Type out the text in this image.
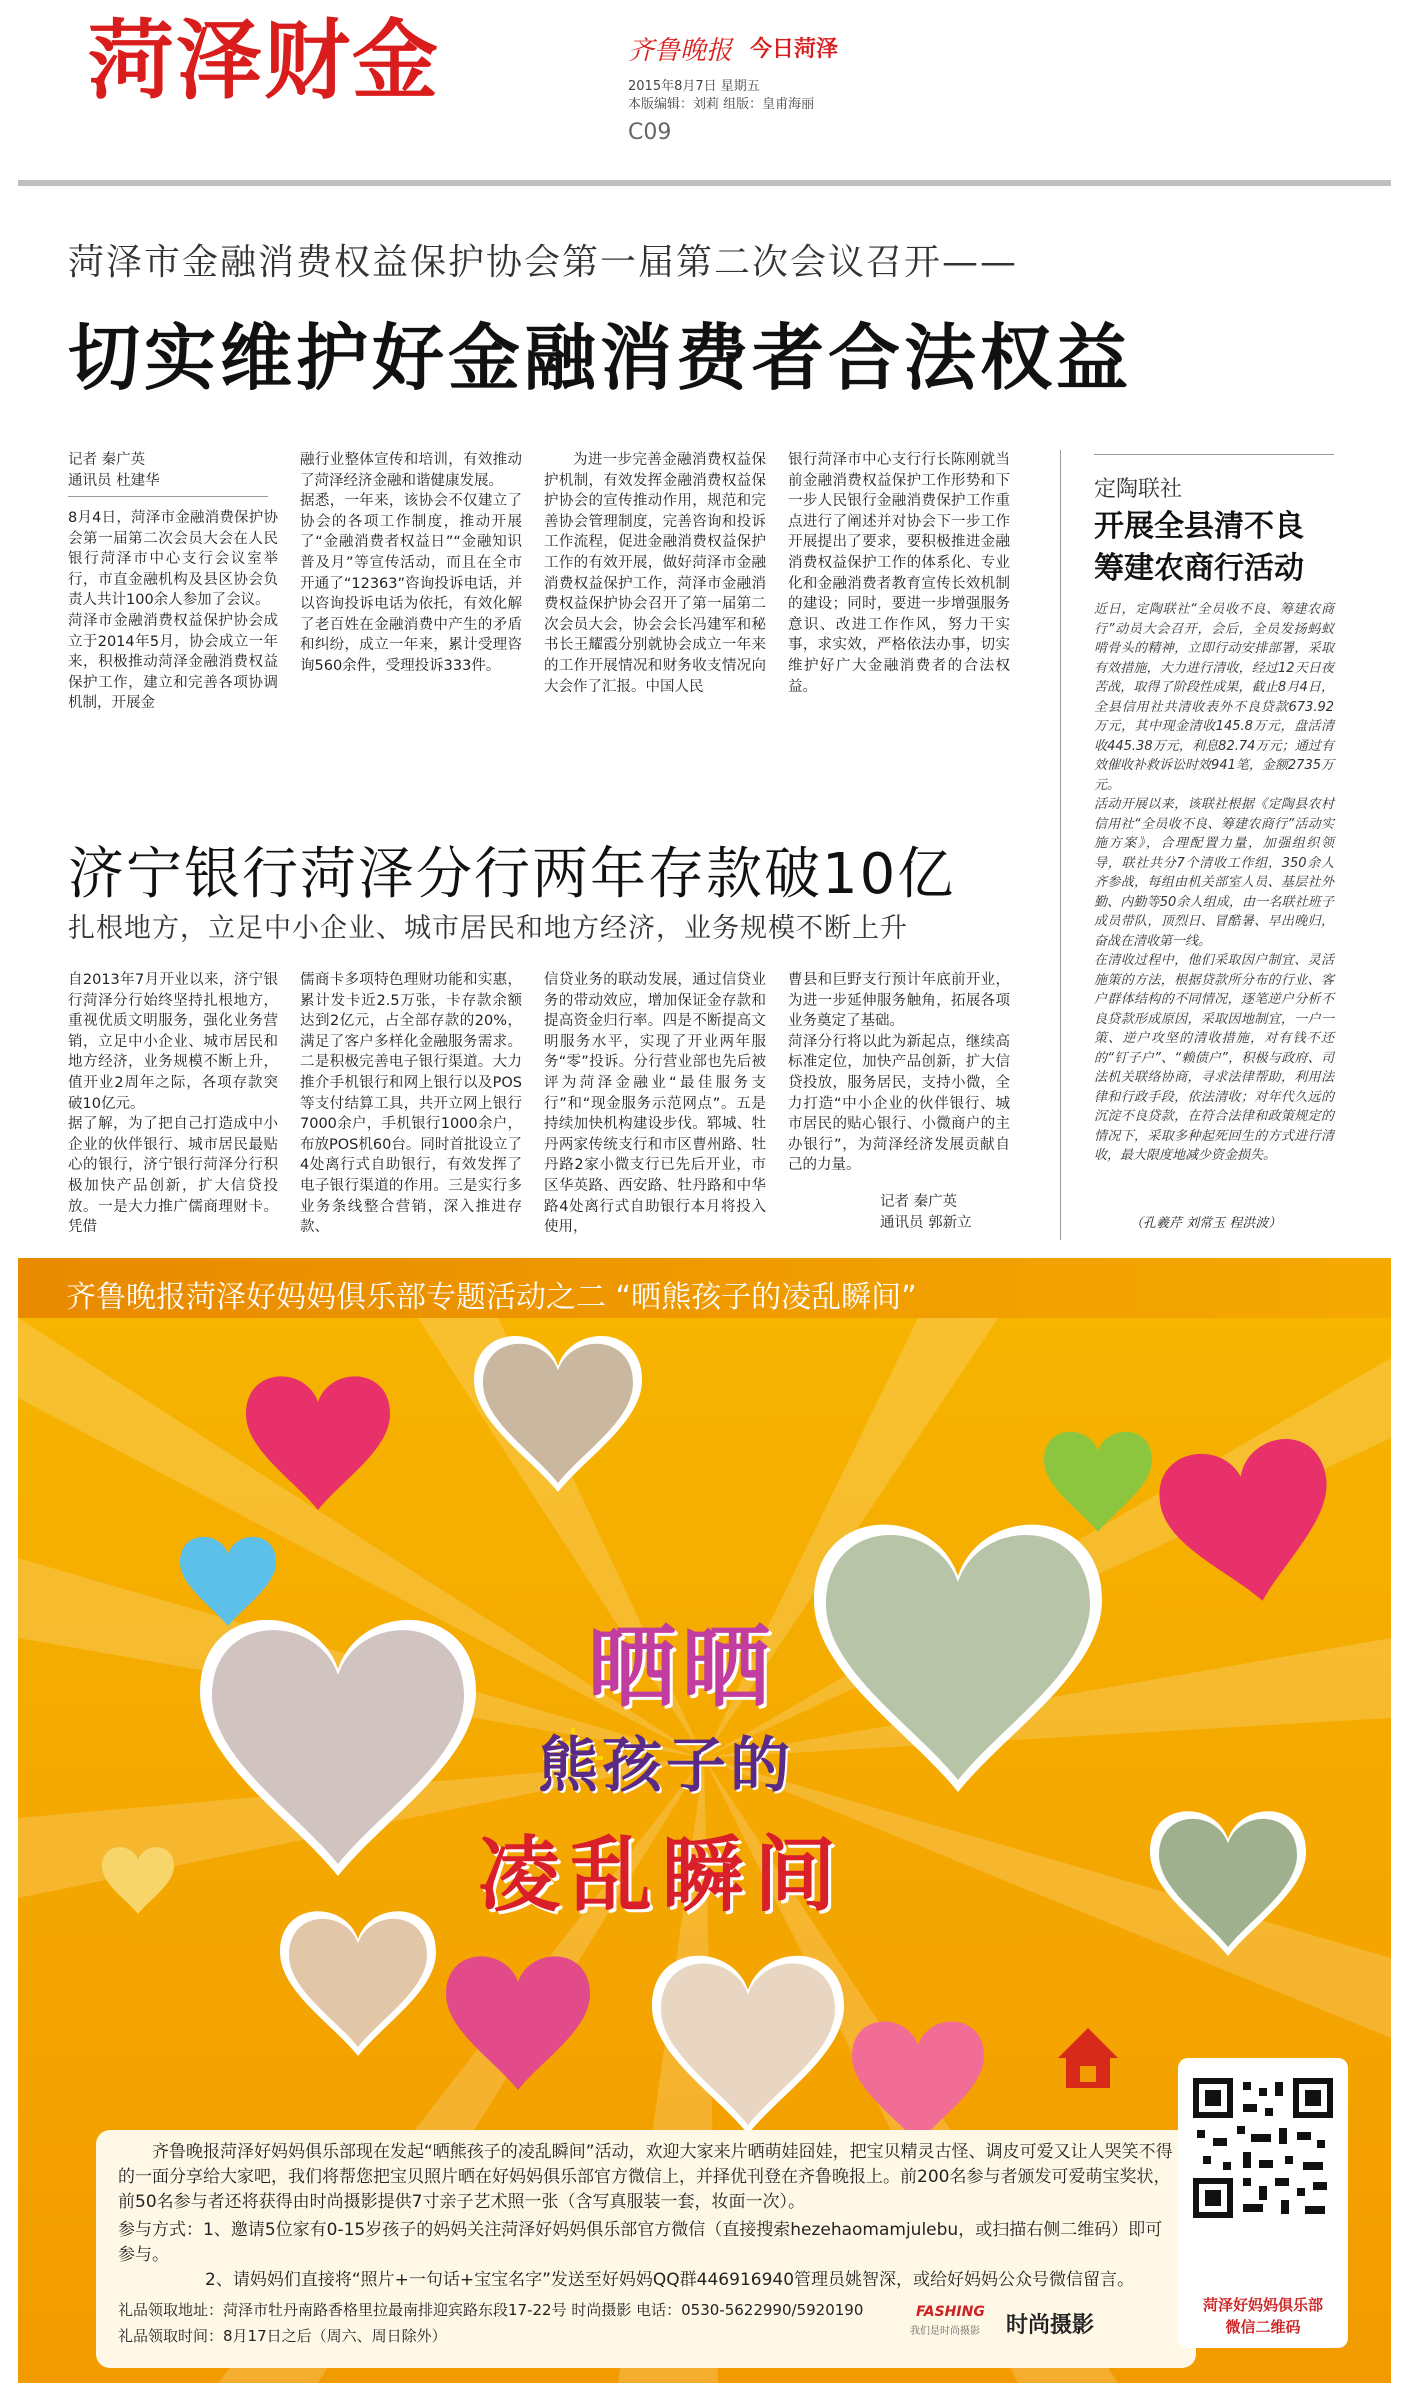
菏泽财金	齐鲁晚报 今日菏泽
2015年8月7日 星期五
本版编辑：刘莉 组版：皇甫海丽
C09
菏泽市金融消费权益保护协会第一届第二次会议召开——
切实维护好金融消费者合法权益
记者 秦广英
通讯员 杜建华
8月4日，菏泽市金融消费保护协会第一届第二次会员大会在人民银行菏泽市中心支行会议室举行，市直金融机构及县区协会负责人共计100余人参加了会议。
菏泽市金融消费权益保护协会成立于2014年5月，协会成立一年来，积极推动菏泽金融消费权益保护工作，建立和完善各项协调机制，开展金
融行业整体宣传和培训，有效推动了菏泽经济金融和谐健康发展。
据悉，一年来，该协会不仅建立了协会的各项工作制度，推动开展了“金融消费者权益日”“金融知识普及月”等宣传活动，而且在全市开通了“12363”咨询投诉电话，并以咨询投诉电话为依托，有效化解了老百姓在金融消费中产生的矛盾和纠纷，成立一年来，累计受理咨询560余件，受理投诉333件。
为进一步完善金融消费权益保护机制，有效发挥金融消费权益保护协会的宣传推动作用，规范和完善协会管理制度，完善咨询和投诉工作流程，促进金融消费权益保护工作的有效开展，做好菏泽市金融消费权益保护工作，菏泽市金融消费权益保护协会召开了第一届第二次会员大会，协会会长冯建军和秘书长王耀霞分别就协会成立一年来的工作开展情况和财务收支情况向大会作了汇报。中国人民
银行菏泽市中心支行行长陈刚就当前金融消费权益保护工作形势和下一步人民银行金融消费保护工作重点进行了阐述并对协会下一步工作开展提出了要求，要积极推进金融消费权益保护工作的体系化、专业化和金融消费者教育宣传长效机制的建设；同时，要进一步增强服务意识、改进工作作风，努力干实事，求实效，严格依法办事，切实维护好广大金融消费者的合法权益。
定陶联社
开展全县清不良
筹建农商行活动
近日，定陶联社“全员收不良、筹建农商行”动员大会召开，会后，全员发扬蚂蚁啃骨头的精神，立即行动安排部署，采取有效措施，大力进行清收，经过12天日夜苦战，取得了阶段性成果，截止8月4日，全县信用社共清收表外不良贷款673.92万元，其中现金清收145.8万元，盘活清收445.38万元，利息82.74万元；通过有效催收补救诉讼时效941笔，金额2735万元。
活动开展以来，该联社根据《定陶县农村信用社“全员收不良、筹建农商行”活动实施方案》，合理配置力量，加强组织领导，联社共分7个清收工作组，350余人齐参战，每组由机关部室人员、基层社外勤、内勤等50余人组成，由一名联社班子成员带队，顶烈日、冒酷暑、早出晚归，奋战在清收第一线。
在清收过程中，他们采取因户制宜、灵活施策的方法，根据贷款所分布的行业、客户群体结构的不同情况，逐笔逆户分析不良贷款形成原因，采取因地制宜，一户一策、逆户攻坚的清收措施，对有钱不还的“钉子户”、“赖债户”，积极与政府、司法机关联络协商，寻求法律帮助，利用法律和行政手段，依法清收；对年代久远的沉淀不良贷款，在符合法律和政策规定的情况下，采取多种起死回生的方式进行清收，最大限度地减少资金损失。
（孔羲芹 刘常玉 程洪波）
济宁银行菏泽分行两年存款破10亿
扎根地方，立足中小企业、城市居民和地方经济，业务规模不断上升
自2013年7月开业以来，济宁银行菏泽分行始终坚持扎根地方，重视优质文明服务，强化业务营销，立足中小企业、城市居民和地方经济，业务规模不断上升，值开业2周年之际，各项存款突破10亿元。
据了解，为了把自己打造成中小企业的伙伴银行、城市居民最贴心的银行，济宁银行菏泽分行积极加快产品创新，扩大信贷投放。一是大力推广儒商理财卡。凭借
儒商卡多项特色理财功能和实惠，累计发卡近2.5万张，卡存款余额达到2亿元，占全部存款的20%，满足了客户多样化金融服务需求。二是积极完善电子银行渠道。大力推介手机银行和网上银行以及POS等支付结算工具，共开立网上银行7000余户，手机银行1000余户，布放POS机60台。同时首批设立了4处离行式自助银行，有效发挥了电子银行渠道的作用。三是实行多业务条线整合营销，深入推进存款、
信贷业务的联动发展，通过信贷业务的带动效应，增加保证金存款和提高资金归行率。四是不断提高文明服务水平，实现了开业两年服务“零”投诉。分行营业部也先后被评为菏泽金融业“最佳服务支行”和“现金服务示范网点”。五是持续加快机构建设步伐。郓城、牡丹两家传统支行和市区曹州路、牡丹路2家小微支行已先后开业，市区华英路、西安路、牡丹路和中华路4处离行式自助银行本月将投入使用，
曹县和巨野支行预计年底前开业，为进一步延伸服务触角，拓展各项业务奠定了基础。
菏泽分行将以此为新起点，继续高标准定位，加快产品创新，扩大信贷投放，服务居民，支持小微，全力打造“中小企业的伙伴银行、城市居民的贴心银行、小微商户的主办银行”，为菏泽经济发展贡献自己的力量。
记者 秦广英
通讯员 郭新立
齐鲁晚报菏泽好妈妈俱乐部专题活动之二 “晒熊孩子的凌乱瞬间”
晒晒
熊孩子的
凌乱瞬间
齐鲁晚报菏泽好妈妈俱乐部现在发起“晒熊孩子的凌乱瞬间”活动，欢迎大家来片晒萌娃囧娃，把宝贝精灵古怪、调皮可爱又让人哭笑不得的一面分享给大家吧，我们将帮您把宝贝照片晒在好妈妈俱乐部官方微信上，并择优刊登在齐鲁晚报上。前200名参与者颁发可爱萌宝奖状，前50名参与者还将获得由时尚摄影提供7寸亲子艺术照一张（含写真服装一套，妆面一次）。
参与方式：1、邀请5位家有0-15岁孩子的妈妈关注菏泽好妈妈俱乐部官方微信（直接搜索hezehaomamjulebu，或扫描右侧二维码）即可参与。
2、请妈妈们直接将“照片+一句话+宝宝名字”发送至好妈妈QQ群446916940管理员姚智深，或给好妈妈公众号微信留言。
礼品领取地址：菏泽市牡丹南路香格里拉最南排迎宾路东段17-22号 时尚摄影 电话：0530-5622990/5920190
礼品领取时间：8月17日之后（周六、周日除外）
FASHING
我们是时尚摄影 时尚摄影
菏泽好妈妈俱乐部
微信二维码
